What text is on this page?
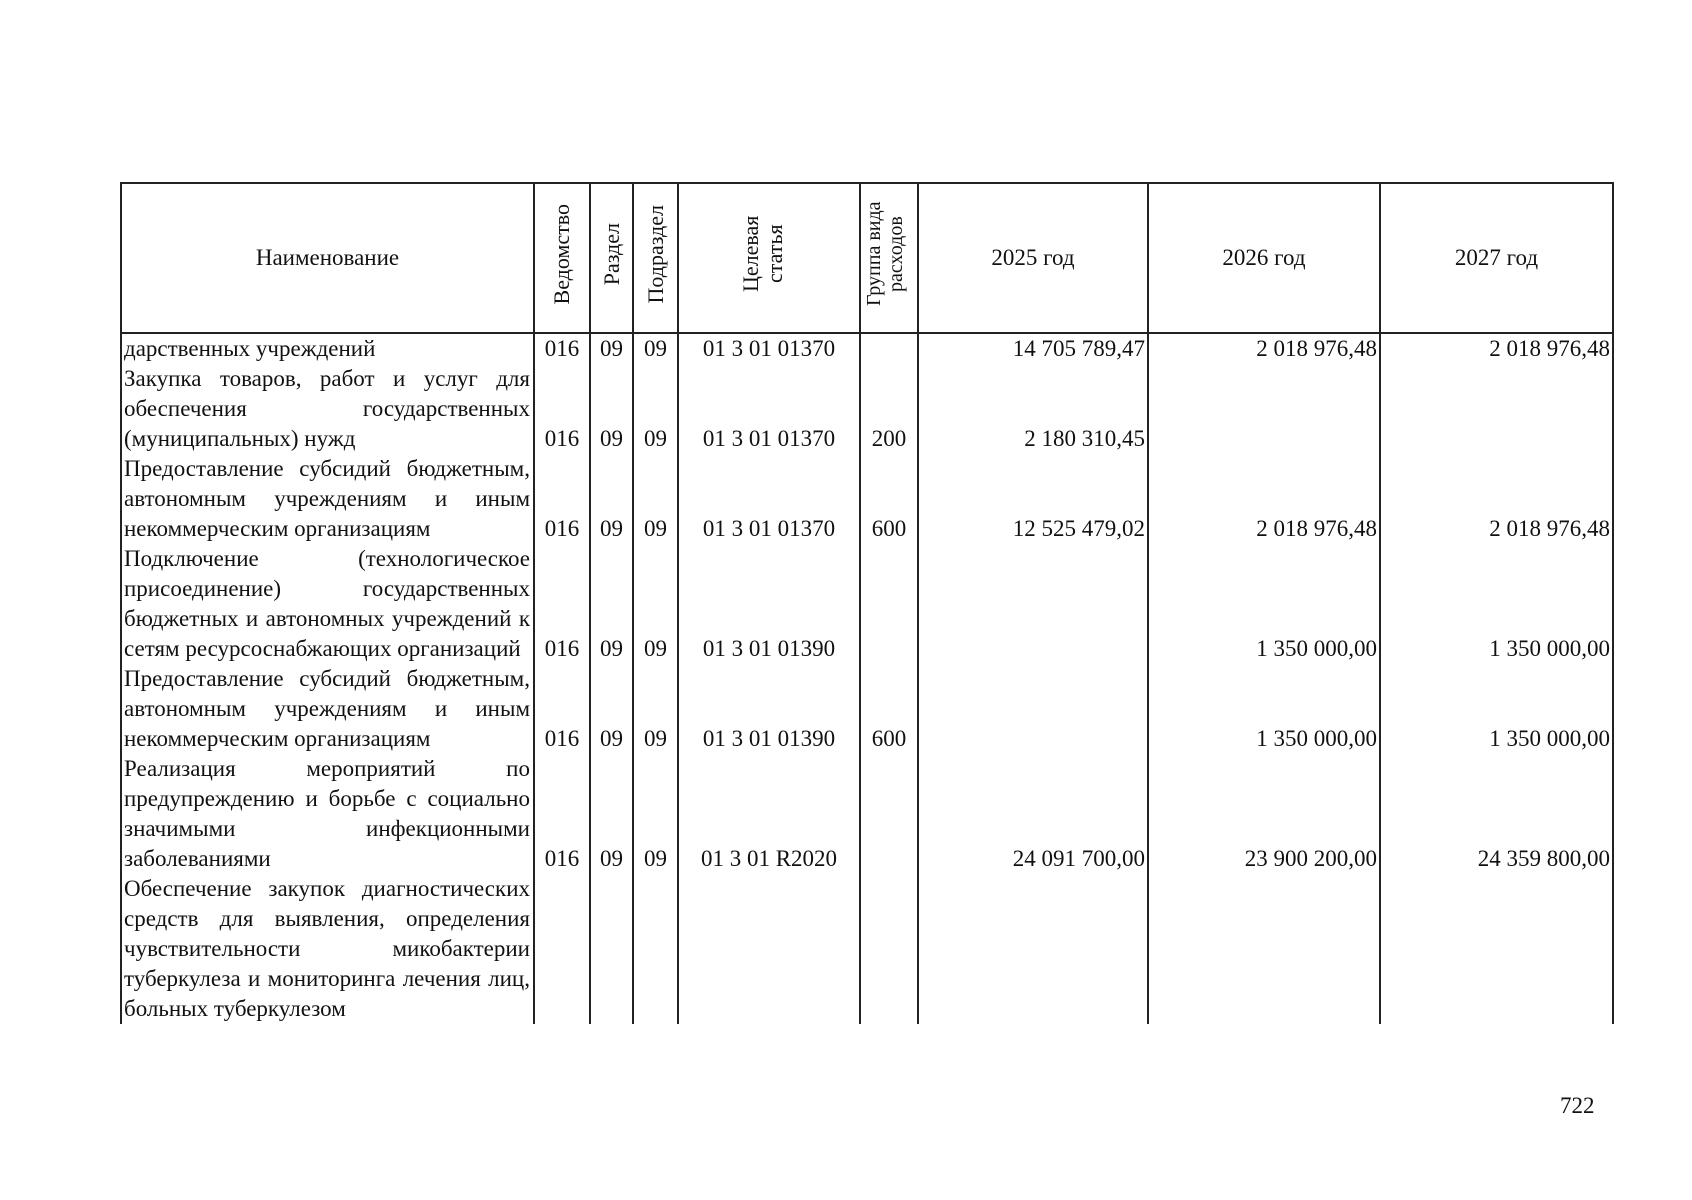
Наименование	Ведомство	Раздел	Подраздел	Целевая статья	Группа вида расходов	2025 год	2026 год	2027 год
дарственных учреждений	016	09	09	01 3 01 01370		14 705 789,47	2 018 976,48	2 018 976,48
Закупка товаров, работ и услуг для обеспечения государственных (муниципальных) нужд	016	09	09	01 3 01 01370	200	2 180 310,45		
Предоставление субсидий бюджетным, автономным учреждениям и иным некоммерческим организациям	016	09	09	01 3 01 01370	600	12 525 479,02	2 018 976,48	2 018 976,48
Подключение (технологическое присоединение) государственных бюджетных и автономных учреждений к сетям ресурсоснабжающих организаций	016	09	09	01 3 01 01390			1 350 000,00	1 350 000,00
Предоставление субсидий бюджетным, автономным учреждениям и иным некоммерческим организациям	016	09	09	01 3 01 01390	600		1 350 000,00	1 350 000,00
Реализация мероприятий по предупреждению и борьбе с социально значимыми инфекционными заболеваниями	016	09	09	01 3 01 R2020		24 091 700,00	23 900 200,00	24 359 800,00
Обеспечение закупок диагностических средств для выявления, определения чувствительности микобактерии туберкулеза и мониторинга лечения лиц, больных туберкулезом								
722
